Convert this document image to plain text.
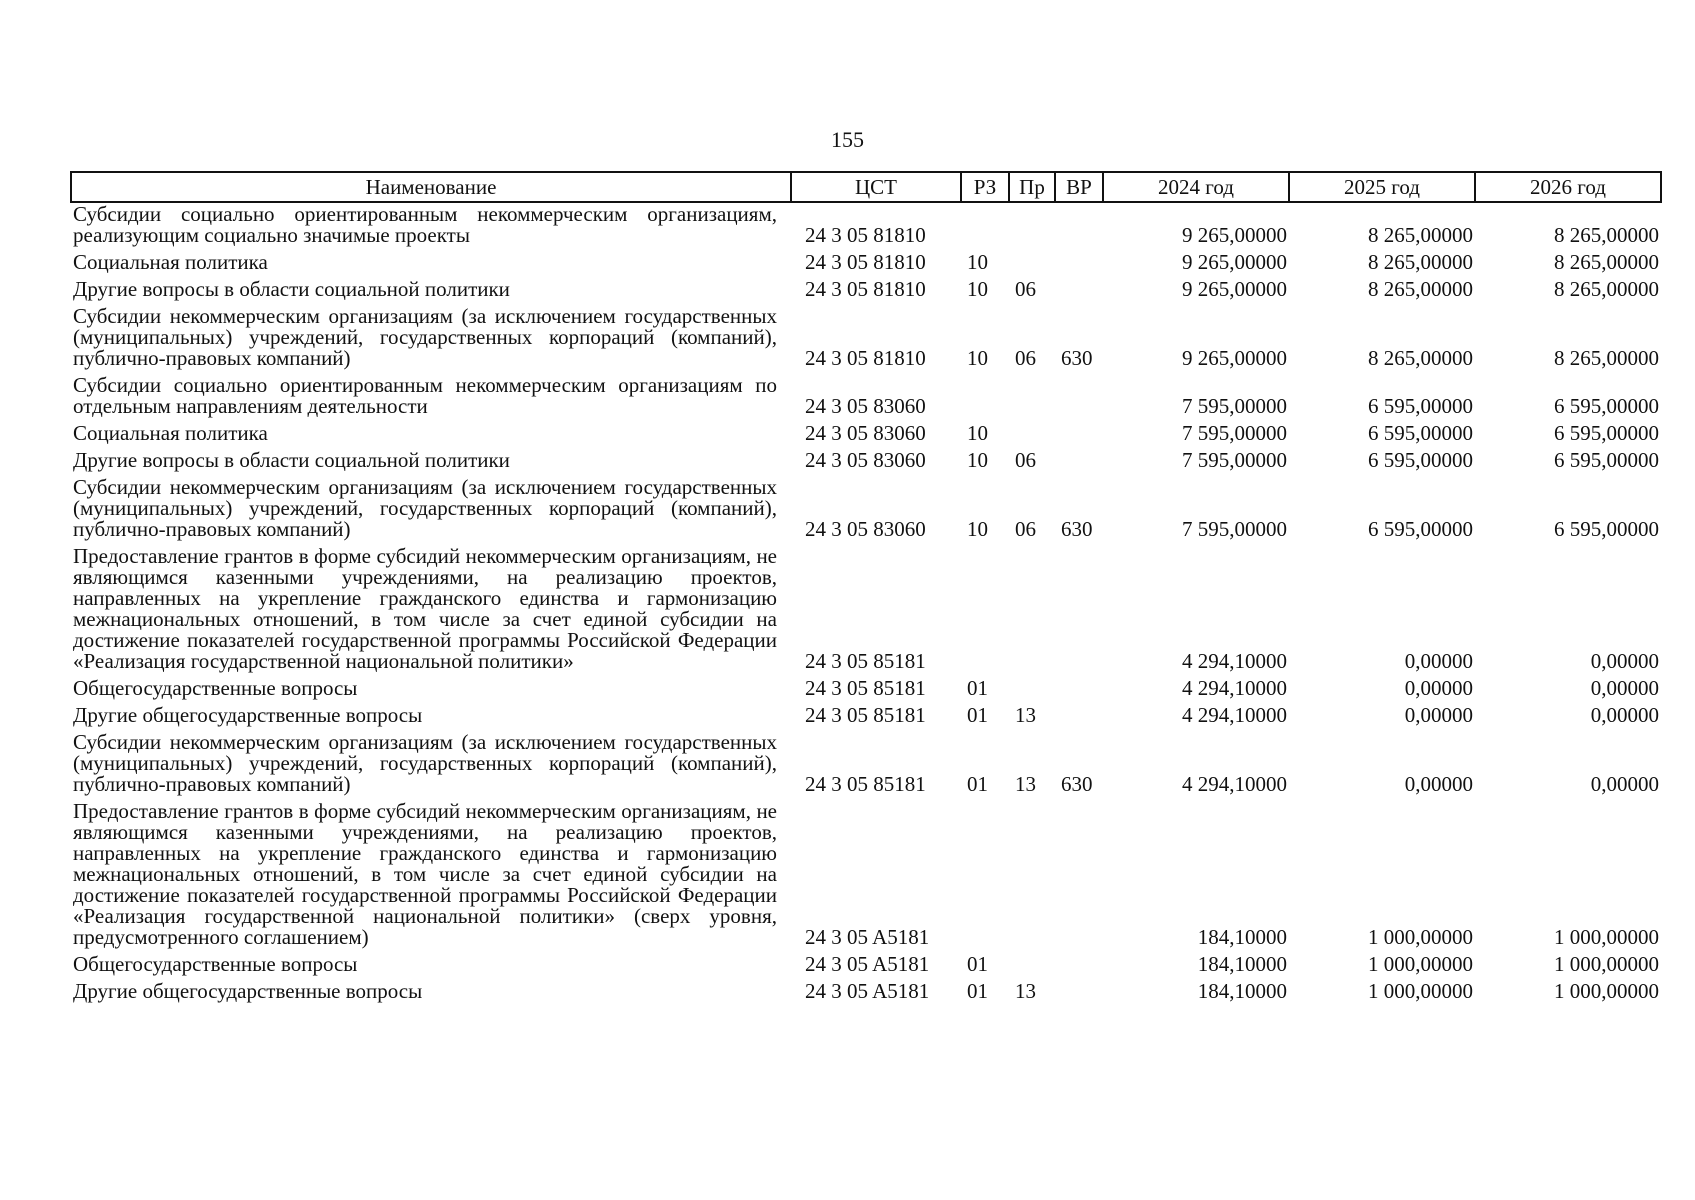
155
Наименование	ЦСТ	РЗ	Пр	ВР	2024 год	2025 год	2026 год
Субсидии социально ориентированным некоммерческим организациям, реализующим социально значимые проекты	24 3 05 81810				9 265,00000	8 265,00000	8 265,00000
Социальная политика	24 3 05 81810	10			9 265,00000	8 265,00000	8 265,00000
Другие вопросы в области социальной политики	24 3 05 81810	10	06		9 265,00000	8 265,00000	8 265,00000
Субсидии некоммерческим организациям (за исключением государственных (муниципальных) учреждений, государственных корпораций (компаний), публично-правовых компаний)	24 3 05 81810	10	06	630	9 265,00000	8 265,00000	8 265,00000
Субсидии социально ориентированным некоммерческим организациям по отдельным направлениям деятельности	24 3 05 83060				7 595,00000	6 595,00000	6 595,00000
Социальная политика	24 3 05 83060	10			7 595,00000	6 595,00000	6 595,00000
Другие вопросы в области социальной политики	24 3 05 83060	10	06		7 595,00000	6 595,00000	6 595,00000
Субсидии некоммерческим организациям (за исключением государственных (муниципальных) учреждений, государственных корпораций (компаний), публично-правовых компаний)	24 3 05 83060	10	06	630	7 595,00000	6 595,00000	6 595,00000
Предоставление грантов в форме субсидий некоммерческим организациям, не являющимся казенными учреждениями, на реализацию проектов, направленных на укрепление гражданского единства и гармонизацию межнациональных отношений, в том числе за счет единой субсидии на достижение показателей государственной программы Российской Федерации «Реализация государственной национальной политики»	24 3 05 85181				4 294,10000	0,00000	0,00000
Общегосударственные вопросы	24 3 05 85181	01			4 294,10000	0,00000	0,00000
Другие общегосударственные вопросы	24 3 05 85181	01	13		4 294,10000	0,00000	0,00000
Субсидии некоммерческим организациям (за исключением государственных (муниципальных) учреждений, государственных корпораций (компаний), публично-правовых компаний)	24 3 05 85181	01	13	630	4 294,10000	0,00000	0,00000
Предоставление грантов в форме субсидий некоммерческим организациям, не являющимся казенными учреждениями, на реализацию проектов, направленных на укрепление гражданского единства и гармонизацию межнациональных отношений, в том числе за счет единой субсидии на достижение показателей государственной программы Российской Федерации «Реализация государственной национальной политики» (сверх уровня, предусмотренного соглашением)	24 3 05 A5181				184,10000	1 000,00000	1 000,00000
Общегосударственные вопросы	24 3 05 A5181	01			184,10000	1 000,00000	1 000,00000
Другие общегосударственные вопросы	24 3 05 A5181	01	13		184,10000	1 000,00000	1 000,00000
